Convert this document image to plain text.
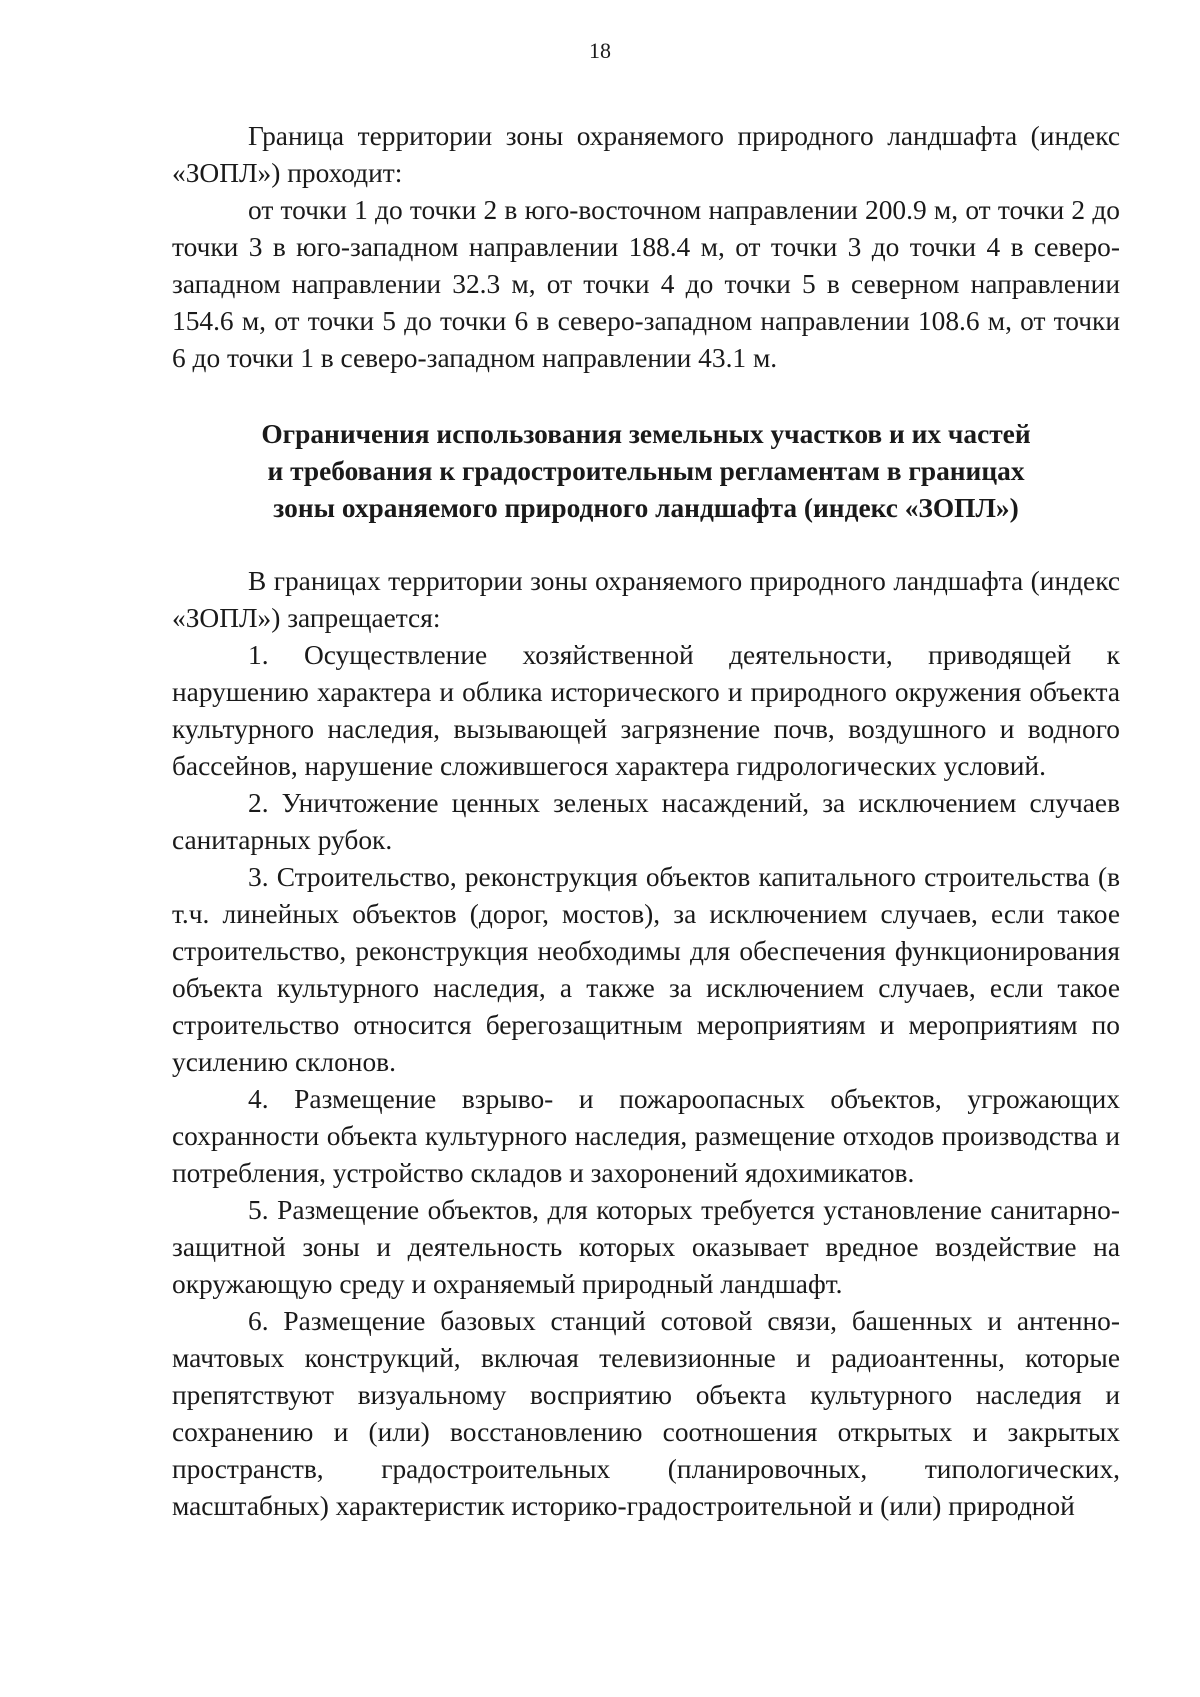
18

Граница территории зоны охраняемого природного ландшафта (индекс «ЗОПЛ») проходит:

от точки 1 до точки 2 в юго-восточном направлении 200.9 м, от точки 2 до точки 3 в юго-западном направлении 188.4 м, от точки 3 до точки 4 в северо-западном направлении 32.3 м, от точки 4 до точки 5 в северном направлении 154.6 м, от точки 5 до точки 6 в северо-западном направлении 108.6 м, от точки 6 до точки 1 в северо-западном направлении 43.1 м.

Ограничения использования земельных участков и их частей
и требования к градостроительным регламентам в границах
зоны охраняемого природного ландшафта (индекс «ЗОПЛ»)

В границах территории зоны охраняемого природного ландшафта (индекс «ЗОПЛ») запрещается:

1. Осуществление хозяйственной деятельности, приводящей к нарушению характера и облика исторического и природного окружения объекта культурного наследия, вызывающей загрязнение почв, воздушного и водного бассейнов, нарушение сложившегося характера гидрологических условий.

2. Уничтожение ценных зеленых насаждений, за исключением случаев санитарных рубок.

3. Строительство, реконструкция объектов капитального строительства (в т.ч. линейных объектов (дорог, мостов), за исключением случаев, если такое строительство, реконструкция необходимы для обеспечения функционирования объекта культурного наследия, а также за исключением случаев, если такое строительство относится берегозащитным мероприятиям и мероприятиям по усилению склонов.

4. Размещение взрыво- и пожароопасных объектов, угрожающих сохранности объекта культурного наследия, размещение отходов производства и потребления, устройство складов и захоронений ядохимикатов.

5. Размещение объектов, для которых требуется установление санитарно-защитной зоны и деятельность которых оказывает вредное воздействие на окружающую среду и охраняемый природный ландшафт.

6. Размещение базовых станций сотовой связи, башенных и антенно-мачтовых конструкций, включая телевизионные и радиоантенны, которые препятствуют визуальному восприятию объекта культурного наследия и сохранению и (или) восстановлению соотношения открытых и закрытых пространств, градостроительных (планировочных, типологических, масштабных) характеристик историко-градостроительной и (или) природной
